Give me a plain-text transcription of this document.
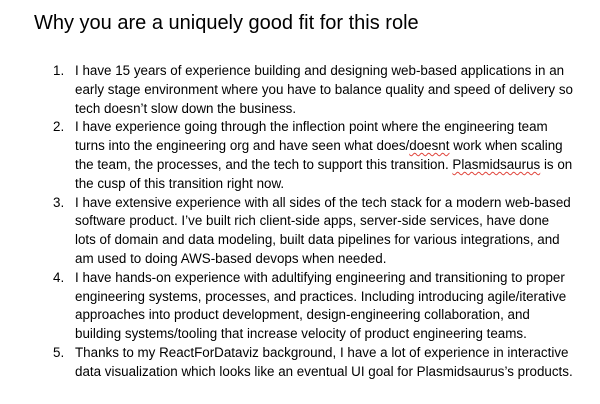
Why you are a uniquely good fit for this role
1. I have 15 years of experience building and designing web-based applications in an early stage environment where you have to balance quality and speed of delivery so tech doesn’t slow down the business.
2. I have experience going through the inflection point where the engineering team turns into the engineering org and have seen what does/doesnt work when scaling the team, the processes, and the tech to support this transition. Plasmidsaurus is on the cusp of this transition right now.
3. I have extensive experience with all sides of the tech stack for a modern web-based software product. I’ve built rich client-side apps, server-side services, have done lots of domain and data modeling, built data pipelines for various integrations, and am used to doing AWS-based devops when needed.
4. I have hands-on experience with adultifying engineering and transitioning to proper engineering systems, processes, and practices. Including introducing agile/iterative approaches into product development, design-engineering collaboration, and building systems/tooling that increase velocity of product engineering teams.
5. Thanks to my ReactForDataviz background, I have a lot of experience in interactive data visualization which looks like an eventual UI goal for Plasmidsaurus’s products.
